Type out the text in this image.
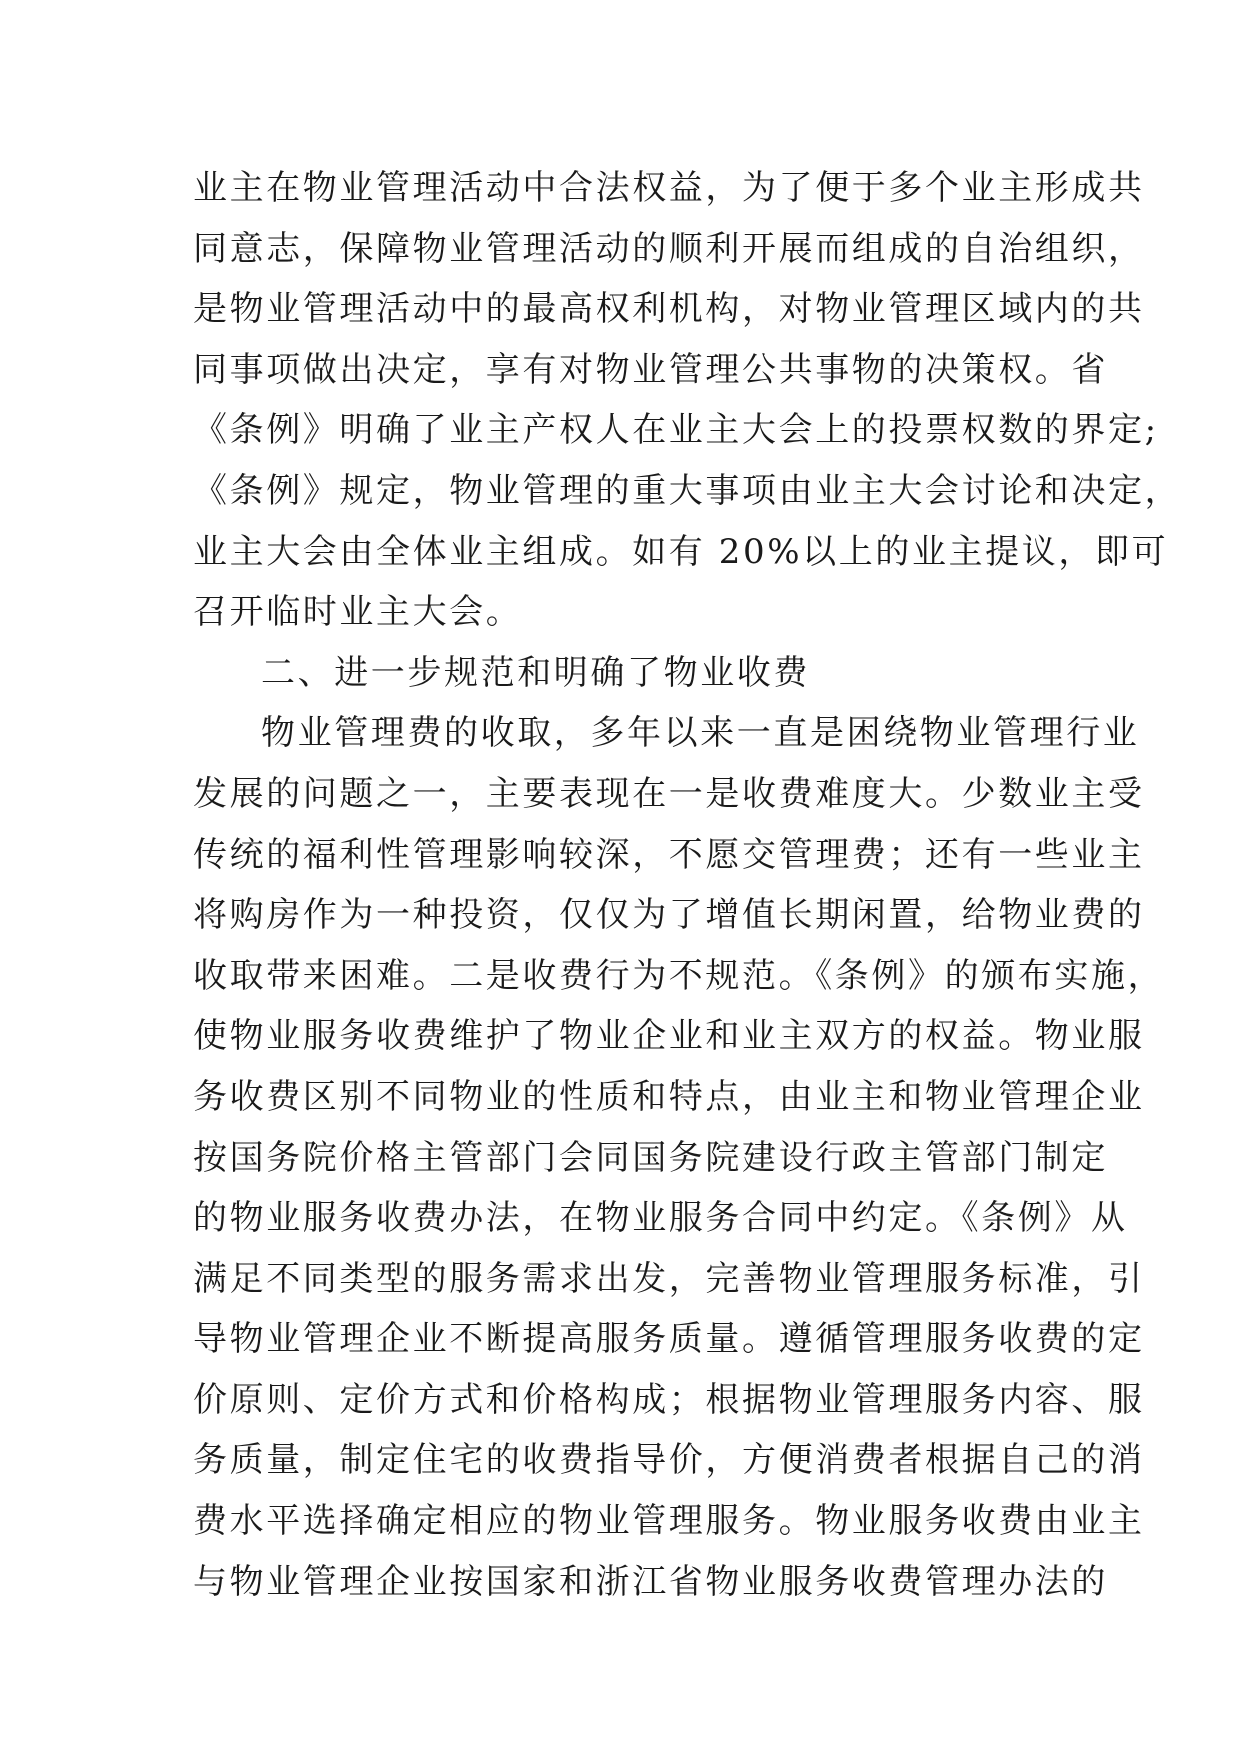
业主在物业管理活动中合法权益，为了便于多个业主形成共
同意志，保障物业管理活动的顺利开展而组成的自治组织，
是物业管理活动中的最高权利机构，对物业管理区域内的共
同事项做出决定，享有对物业管理公共事物的决策权。省
《条例》明确了业主产权人在业主大会上的投票权数的界定;
《条例》规定，物业管理的重大事项由业主大会讨论和决定，
业主大会由全体业主组成。如有 20%以上的业主提议，即可
召开临时业主大会。
二、进一步规范和明确了物业收费
物业管理费的收取，多年以来一直是困绕物业管理行业
发展的问题之一，主要表现在一是收费难度大。少数业主受
传统的福利性管理影响较深，不愿交管理费；还有一些业主
将购房作为一种投资，仅仅为了增值长期闲置，给物业费的
收取带来困难。二是收费行为不规范。《条例》的颁布实施，
使物业服务收费维护了物业企业和业主双方的权益。物业服
务收费区别不同物业的性质和特点，由业主和物业管理企业
按国务院价格主管部门会同国务院建设行政主管部门制定
的物业服务收费办法，在物业服务合同中约定。《条例》从
满足不同类型的服务需求出发，完善物业管理服务标准，引
导物业管理企业不断提高服务质量。遵循管理服务收费的定
价原则、定价方式和价格构成；根据物业管理服务内容、服
务质量，制定住宅的收费指导价，方便消费者根据自己的消
费水平选择确定相应的物业管理服务。物业服务收费由业主
与物业管理企业按国家和浙江省物业服务收费管理办法的
